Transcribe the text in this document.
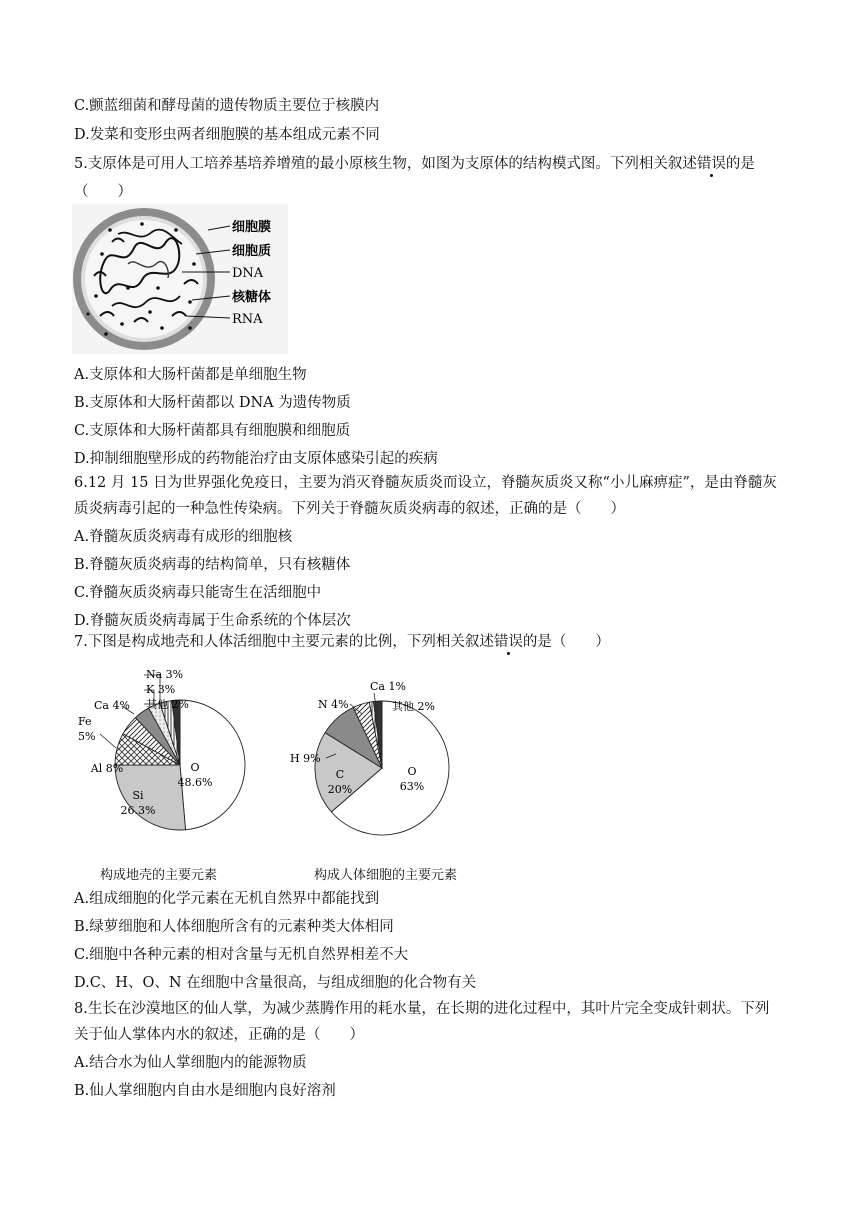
C.颤蓝细菌和酵母菌的遗传物质主要位于核膜内
D.发菜和变形虫两者细胞膜的基本组成元素不同
5.支原体是可用人工培养基培养增殖的最小原核生物，如图为支原体的结构模式图。下列相关叙述错误的是
（　　）
细胞膜
细胞质
DNA
核糖体
RNA
A.支原体和大肠杆菌都是单细胞生物
B.支原体和大肠杆菌都以 DNA 为遗传物质
C.支原体和大肠杆菌都具有细胞膜和细胞质
D.抑制细胞壁形成的药物能治疗由支原体感染引起的疾病
6.12 月 15 日为世界强化免疫日，主要为消灭脊髓灰质炎而设立，脊髓灰质炎又称“小儿麻痹症”，是由脊髓灰
质炎病毒引起的一种急性传染病。下列关于脊髓灰质炎病毒的叙述，正确的是（　　）
A.脊髓灰质炎病毒有成形的细胞核
B.脊髓灰质炎病毒的结构简单，只有核糖体
C.脊髓灰质炎病毒只能寄生在活细胞中
D.脊髓灰质炎病毒属于生命系统的个体层次
7.下图是构成地壳和人体活细胞中主要元素的比例，下列相关叙述错误的是（　　）
O
48.6%
Si
26.3%
Al 8%
Fe
5%
Ca 4%
Na 3%
K 3%
其他 2%
O
63%
C
20%
H 9%
N 4%
Ca 1%
其他 2%
构成地壳的主要元素	构成人体细胞的主要元素
A.组成细胞的化学元素在无机自然界中都能找到
B.绿萝细胞和人体细胞所含有的元素种类大体相同
C.细胞中各种元素的相对含量与无机自然界相差不大
D.C、H、O、N 在细胞中含量很高，与组成细胞的化合物有关
8.生长在沙漠地区的仙人掌，为减少蒸腾作用的耗水量，在长期的进化过程中，其叶片完全变成针刺状。下列
关于仙人掌体内水的叙述，正确的是（　　）
A.结合水为仙人掌细胞内的能源物质
B.仙人掌细胞内自由水是细胞内良好溶剂
